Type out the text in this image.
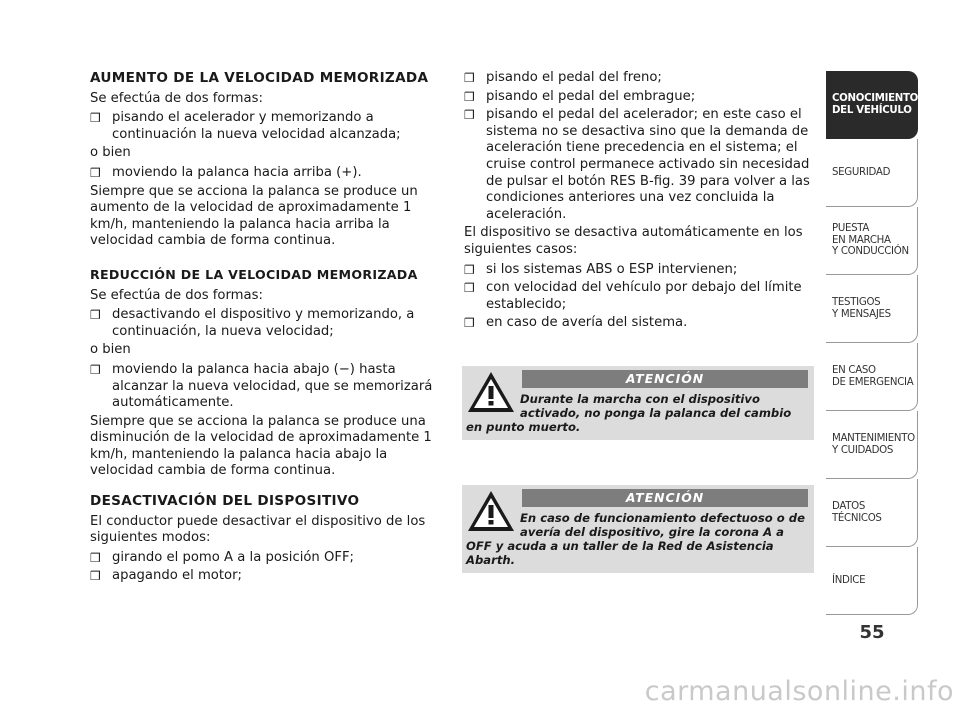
AUMENTO DE LA VELOCIDAD MEMORIZADA

Se efectúa de dos formas:

❒ pisando el acelerador y memorizando a continuación la nueva velocidad alcanzada;

o bien

❒ moviendo la palanca hacia arriba (+).

Siempre que se acciona la palanca se produce un aumento de la velocidad de aproximadamente 1 km/h, manteniendo la palanca hacia arriba la velocidad cambia de forma continua.

REDUCCIÓN DE LA VELOCIDAD MEMORIZADA

Se efectúa de dos formas:

❒ desactivando el dispositivo y memorizando, a continuación, la nueva velocidad;

o bien

❒ moviendo la palanca hacia abajo (−) hasta alcanzar la nueva velocidad, que se memorizará automáticamente.

Siempre que se acciona la palanca se produce una disminución de la velocidad de aproximadamente 1 km/h, manteniendo la palanca hacia abajo la velocidad cambia de forma continua.

DESACTIVACIÓN DEL DISPOSITIVO

El conductor puede desactivar el dispositivo de los siguientes modos:

❒ girando el pomo A a la posición OFF;
❒ apagando el motor;
❒ pisando el pedal del freno;
❒ pisando el pedal del embrague;
❒ pisando el pedal del acelerador; en este caso el sistema no se desactiva sino que la demanda de aceleración tiene precedencia en el sistema; el cruise control permanece activado sin necesidad de pulsar el botón RES B-fig. 39 para volver a las condiciones anteriores una vez concluida la aceleración.

El dispositivo se desactiva automáticamente en los siguientes casos:

❒ si los sistemas ABS o ESP intervienen;
❒ con velocidad del vehículo por debajo del límite establecido;
❒ en caso de avería del sistema.
ATENCIÓN
Durante la marcha con el dispositivo activado, no ponga la palanca del cambio en punto muerto.
ATENCIÓN
En caso de funcionamiento defectuoso o de avería del dispositivo, gire la corona A a OFF y acuda a un taller de la Red de Asistencia Abarth.
CONOCIMIENTO
DEL VEHÍCULO
SEGURIDAD
PUESTA
EN MARCHA
Y CONDUCCIÓN
TESTIGOS
Y MENSAJES
EN CASO
DE EMERGENCIA
MANTENIMIENTO
Y CUIDADOS
DATOS TÉCNICOS
ÍNDICE
55
carmanualsonline.info
